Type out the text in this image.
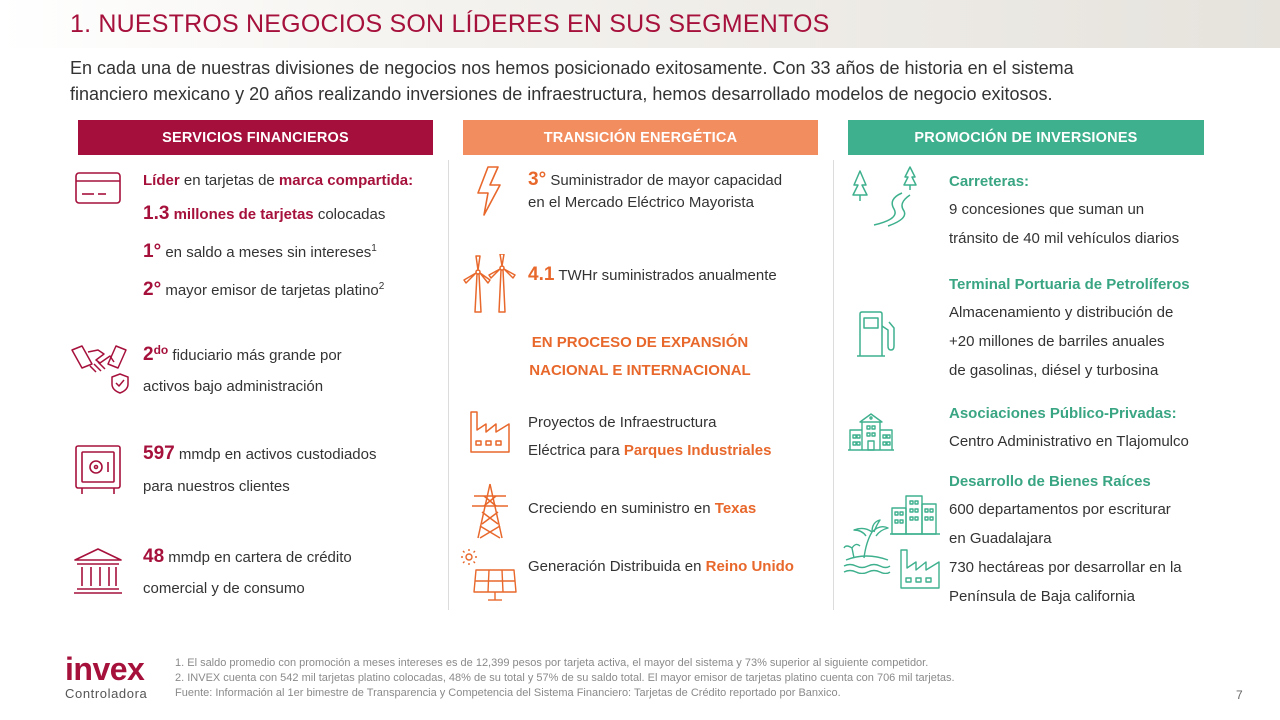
1. NUESTROS NEGOCIOS SON LÍDERES EN SUS SEGMENTOS
En cada una de nuestras divisiones de negocios nos hemos posicionado exitosamente. Con 33 años de historia en el sistema
financiero mexicano y 20 años realizando inversiones de infraestructura, hemos desarrollado modelos de negocio exitosos.
SERVICIOS FINANCIEROS	TRANSICIÓN ENERGÉTICA	PROMOCIÓN DE INVERSIONES
Líder en tarjetas de marca compartida:
1.3 millones de tarjetas colocadas
1° en saldo a meses sin intereses$^1$
2° mayor emisor de tarjetas platino$^2$
$2^{do}$ fiduciario más grande por
activos bajo administración
597 mmdp en activos custodiados
para nuestros clientes
48 mmdp en cartera de crédito
comercial y de consumo
3° Suministrador de mayor capacidad
en el Mercado Eléctrico Mayorista
4.1 TWHr suministrados anualmente
EN PROCESO DE EXPANSIÓN
NACIONAL E INTERNACIONAL
Proyectos de Infraestructura
Eléctrica para Parques Industriales
Creciendo en suministro en Texas
Generación Distribuida en Reino Unido
Carreteras:
9 concesiones que suman un
tránsito de 40 mil vehículos diarios
Terminal Portuaria de Petrolíferos
Almacenamiento y distribución de
+20 millones de barriles anuales
de gasolinas, diésel y turbosina
Asociaciones Público-Privadas:
Centro Administrativo en Tlajomulco
Desarrollo de Bienes Raíces
600 departamentos por escriturar
en Guadalajara
730 hectáreas por desarrollar en la
Península de Baja california
invex
Controladora
1. El saldo promedio con promoción a meses intereses es de 12,399 pesos por tarjeta activa, el mayor del sistema y 73% superior al siguiente competidor.
2. INVEX cuenta con 542 mil tarjetas platino colocadas, 48% de su total y 57% de su saldo total. El mayor emisor de tarjetas platino cuenta con 706 mil tarjetas.
Fuente: Información al 1er bimestre de Transparencia y Competencia del Sistema Financiero: Tarjetas de Crédito reportado por Banxico.	7
